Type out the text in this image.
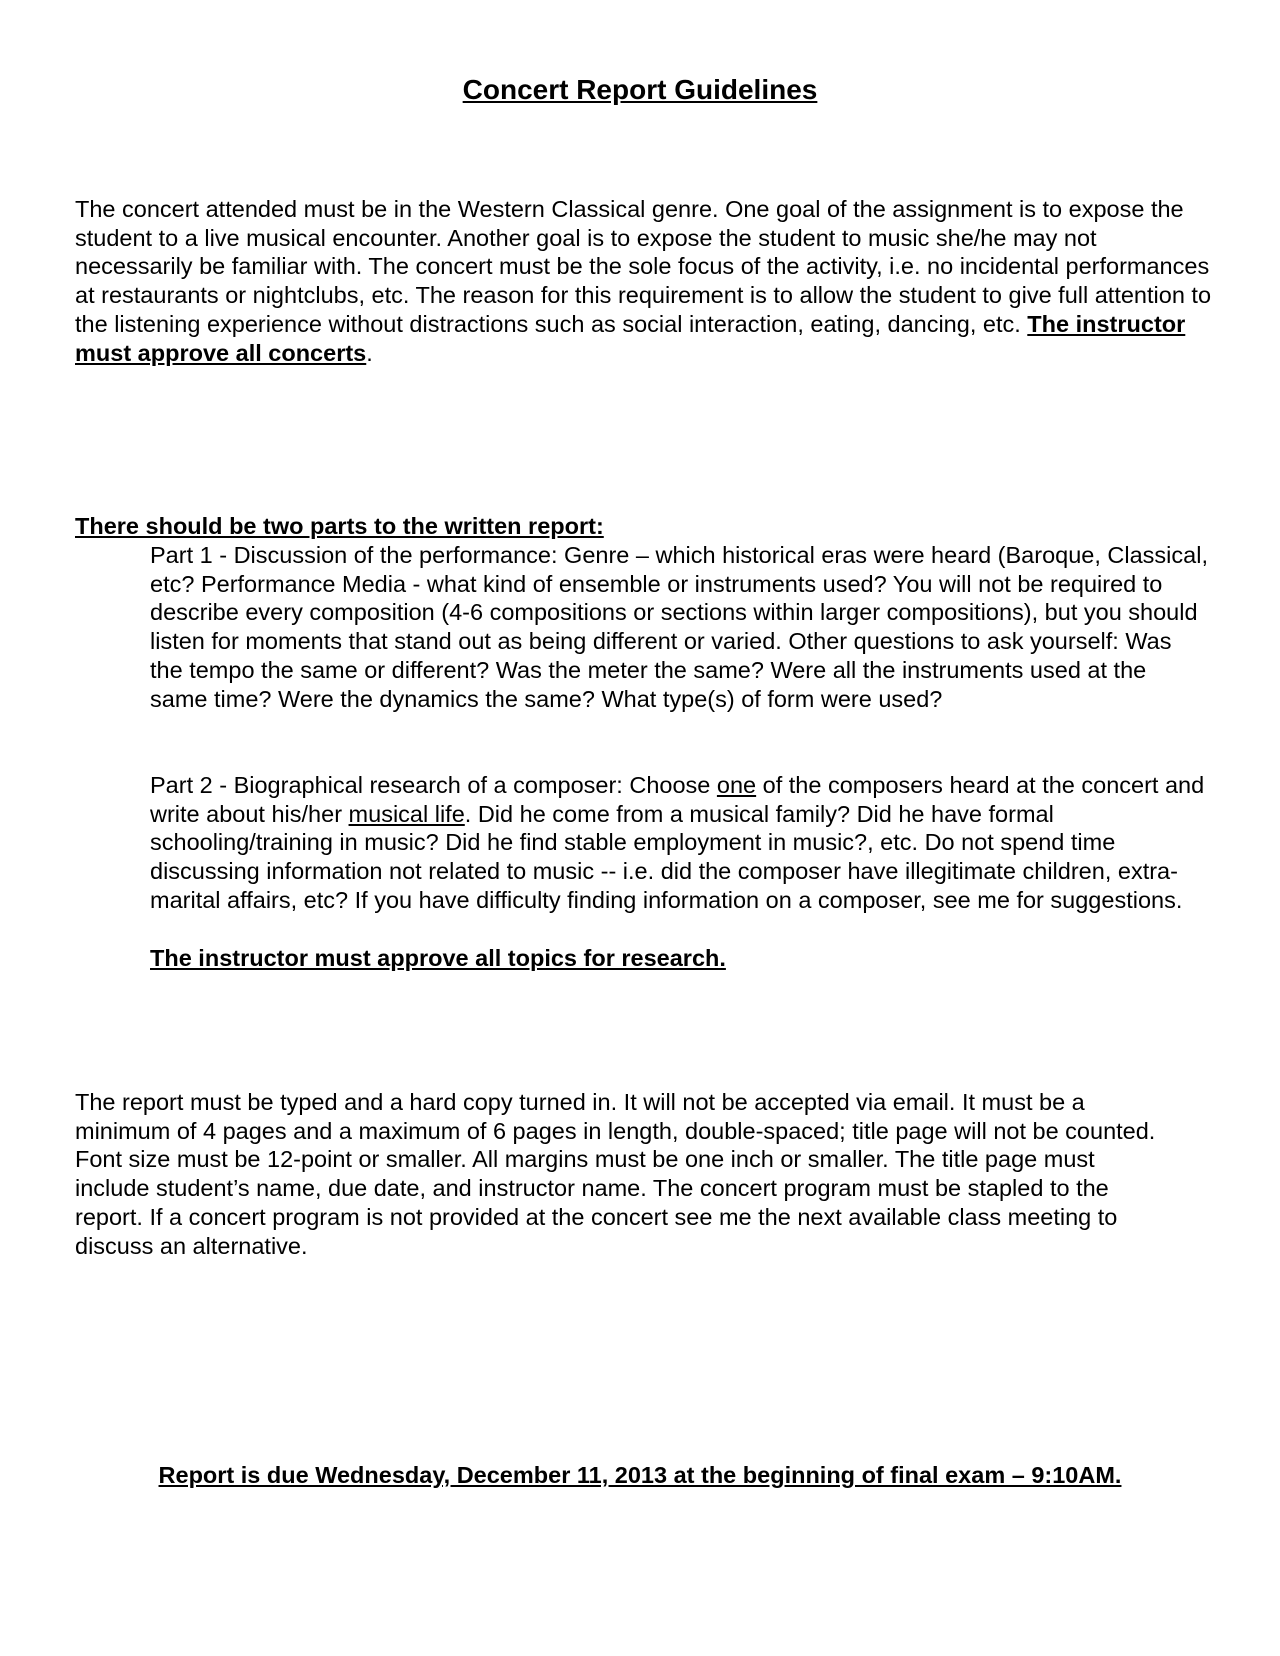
Concert Report Guidelines

The concert attended must be in the Western Classical genre. One goal of the assignment is to expose the student to a live musical encounter. Another goal is to expose the student to music she/he may not necessarily be familiar with. The concert must be the sole focus of the activity, i.e. no incidental performances at restaurants or nightclubs, etc. The reason for this requirement is to allow the student to give full attention to the listening experience without distractions such as social interaction, eating, dancing, etc. The instructor must approve all concerts.

There should be two parts to the written report:

Part 1 - Discussion of the performance: Genre – which historical eras were heard (Baroque, Classical, etc? Performance Media - what kind of ensemble or instruments used? You will not be required to describe every composition (4-6 compositions or sections within larger compositions), but you should listen for moments that stand out as being different or varied. Other questions to ask yourself: Was the tempo the same or different? Was the meter the same? Were all the instruments used at the same time? Were the dynamics the same? What type(s) of form were used?

Part 2 - Biographical research of a composer: Choose one of the composers heard at the concert and write about his/her musical life. Did he come from a musical family? Did he have formal schooling/training in music? Did he find stable employment in music?, etc. Do not spend time discussing information not related to music -- i.e. did the composer have illegitimate children, extra-marital affairs, etc? If you have difficulty finding information on a composer, see me for suggestions.

The instructor must approve all topics for research.

The report must be typed and a hard copy turned in. It will not be accepted via email. It must be a minimum of 4 pages and a maximum of 6 pages in length, double-spaced; title page will not be counted. Font size must be 12-point or smaller. All margins must be one inch or smaller. The title page must include student’s name, due date, and instructor name. The concert program must be stapled to the report. If a concert program is not provided at the concert see me the next available class meeting to discuss an alternative.

Report is due Wednesday, December 11, 2013 at the beginning of final exam – 9:10AM.
